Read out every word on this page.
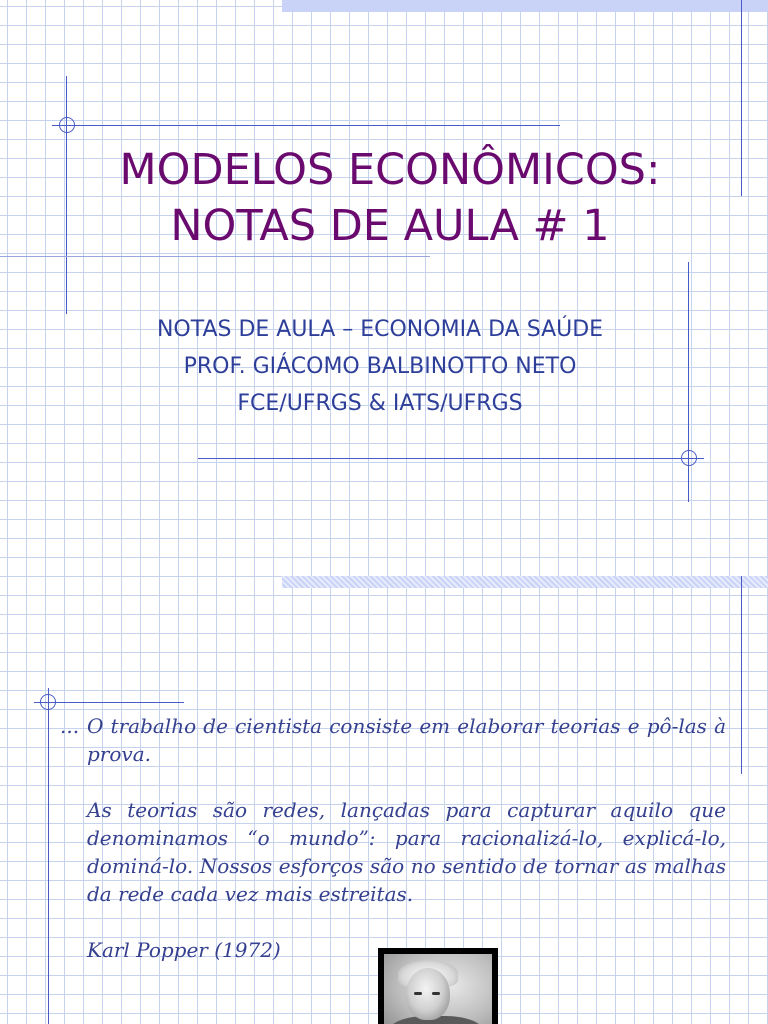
MODELOS ECONÔMICOS:
NOTAS DE AULA # 1
NOTAS DE AULA – ECONOMIA DA SAÚDE
PROF. GIÁCOMO BALBINOTTO NETO
FCE/UFRGS & IATS/UFRGS
... O trabalho de cientista consiste em elaborar teorias e pô-las à prova.
As teorias são redes, lançadas para capturar aquilo que denominamos “o mundo”: para racionalizá-lo, explicá-lo, dominá-lo. Nossos esforços são no sentido de tornar as malhas da rede cada vez mais estreitas.
Karl Popper (1972)
